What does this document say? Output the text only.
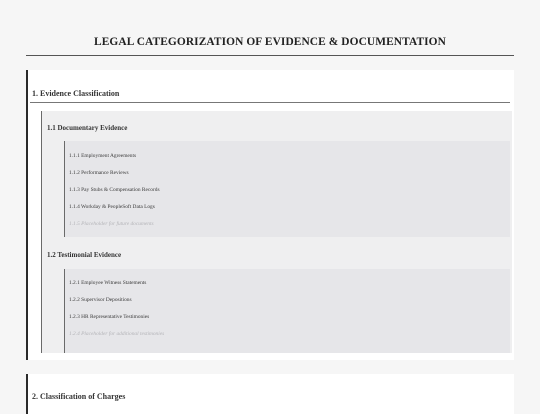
LEGAL CATEGORIZATION OF EVIDENCE & DOCUMENTATION
1. Evidence Classification
1.1 Documentary Evidence
1.1.1 Employment Agreements
1.1.2 Performance Reviews
1.1.3 Pay Stubs & Compensation Records
1.1.4 Workday & PeopleSoft Data Logs
1.1.5 Placeholder for future documents
1.2 Testimonial Evidence
1.2.1 Employee Witness Statements
1.2.2 Supervisor Depositions
1.2.3 HR Representative Testimonies
1.2.4 Placeholder for additional testimonies
2. Classification of Charges
